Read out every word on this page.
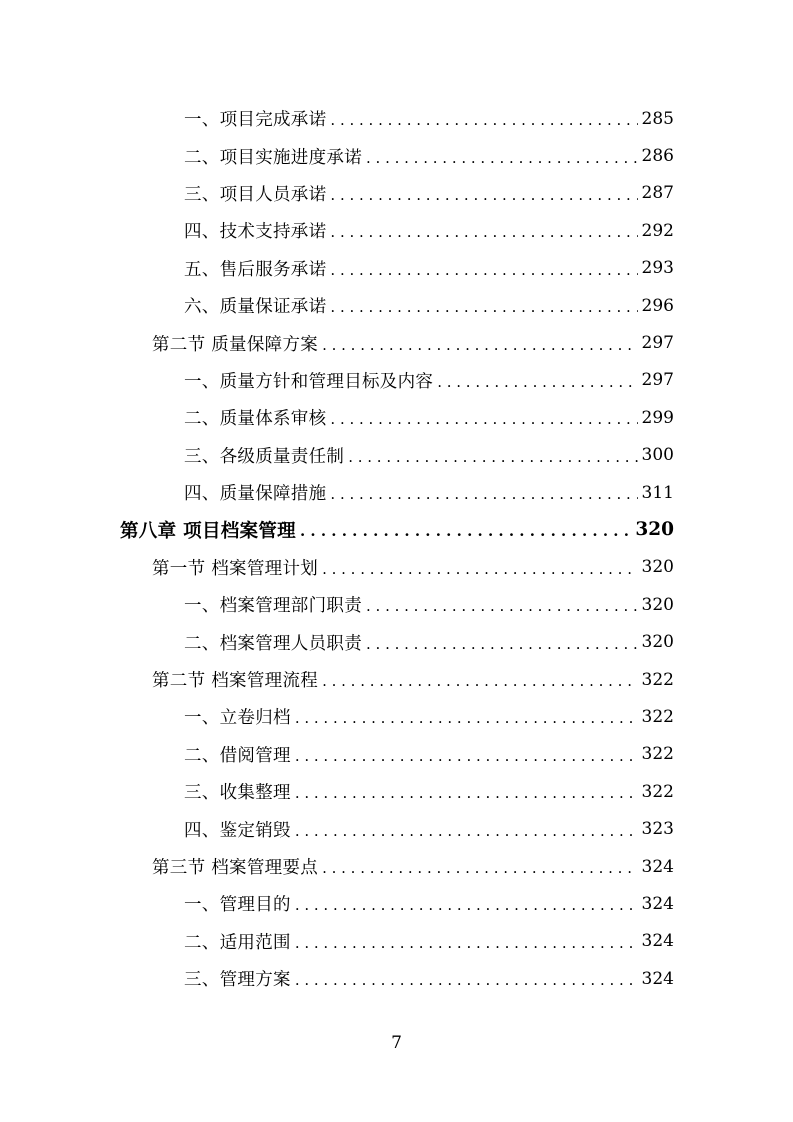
一、项目完成承诺 . . .	285
二、项目实施进度承诺 . . .	286
三、项目人员承诺 . . .	287
四、技术支持承诺 . . .	292
五、售后服务承诺 . . .	293
六、质量保证承诺 . . .	296
第二节 质量保障方案 . . .	297
一、质量方针和管理目标及内容 . . .	297
二、质量体系审核 . . .	299
三、各级质量责任制 . . .	300
四、质量保障措施 . . .	311
第八章 项目档案管理 . . .	320
第一节 档案管理计划 . . .	320
一、档案管理部门职责 . . .	320
二、档案管理人员职责 . . .	320
第二节 档案管理流程 . . .	322
一、立卷归档 . . .	322
二、借阅管理 . . .	322
三、收集整理 . . .	322
四、鉴定销毁 . . .	323
第三节 档案管理要点 . . .	324
一、管理目的 . . .	324
二、适用范围 . . .	324
三、管理方案 . . .	324
7
